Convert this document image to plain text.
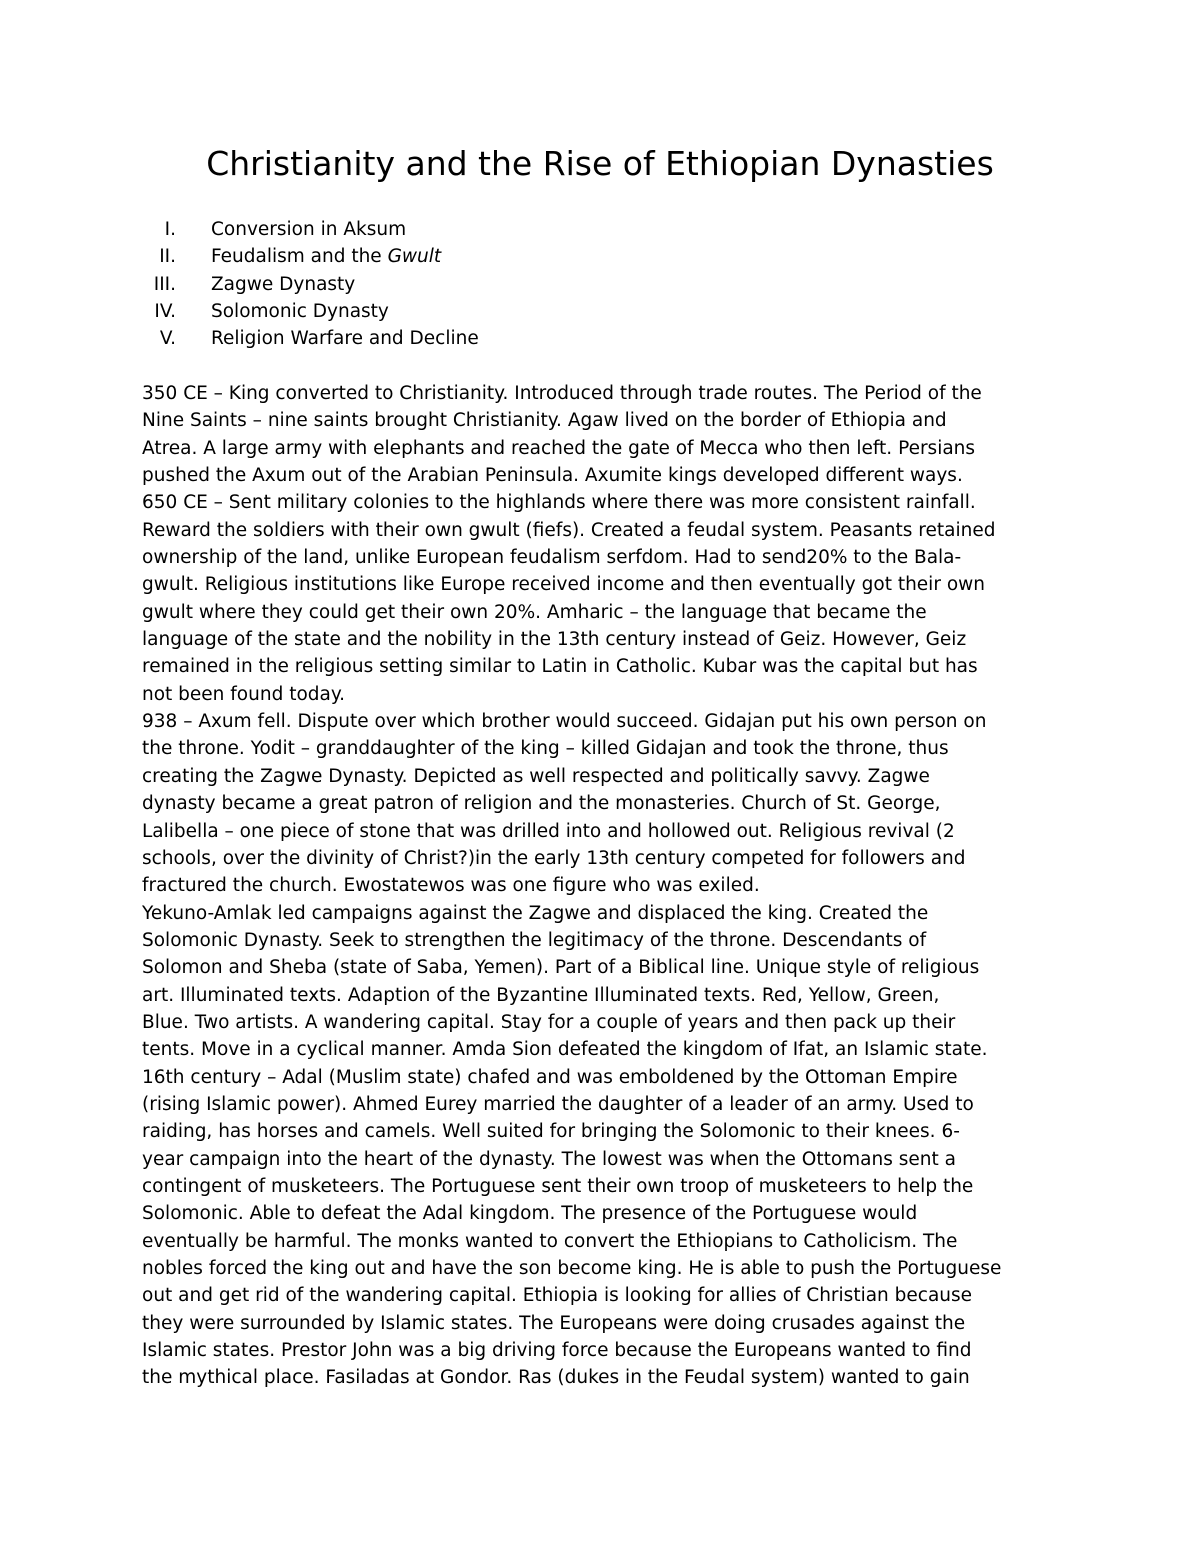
Christianity and the Rise of Ethiopian Dynasties
I. Conversion in Aksum
II. Feudalism and the Gwult
III. Zagwe Dynasty
IV. Solomonic Dynasty
V. Religion Warfare and Decline
350 CE – King converted to Christianity. Introduced through trade routes. The Period of the
Nine Saints – nine saints brought Christianity. Agaw lived on the border of Ethiopia and
Atrea. A large army with elephants and reached the gate of Mecca who then left. Persians
pushed the Axum out of the Arabian Peninsula. Axumite kings developed different ways.
650 CE – Sent military colonies to the highlands where there was more consistent rainfall.
Reward the soldiers with their own gwult (fiefs). Created a feudal system. Peasants retained
ownership of the land, unlike European feudalism serfdom. Had to send20% to the Bala-
gwult. Religious institutions like Europe received income and then eventually got their own
gwult where they could get their own 20%. Amharic – the language that became the
language of the state and the nobility in the 13th century instead of Geiz. However, Geiz
remained in the religious setting similar to Latin in Catholic. Kubar was the capital but has
not been found today.
938 – Axum fell. Dispute over which brother would succeed. Gidajan put his own person on
the throne. Yodit – granddaughter of the king – killed Gidajan and took the throne, thus
creating the Zagwe Dynasty. Depicted as well respected and politically savvy. Zagwe
dynasty became a great patron of religion and the monasteries. Church of St. George,
Lalibella – one piece of stone that was drilled into and hollowed out. Religious revival (2
schools, over the divinity of Christ?)in the early 13th century competed for followers and
fractured the church. Ewostatewos was one figure who was exiled.
Yekuno-Amlak led campaigns against the Zagwe and displaced the king. Created the
Solomonic Dynasty. Seek to strengthen the legitimacy of the throne. Descendants of
Solomon and Sheba (state of Saba, Yemen). Part of a Biblical line. Unique style of religious
art. Illuminated texts. Adaption of the Byzantine Illuminated texts. Red, Yellow, Green,
Blue. Two artists. A wandering capital. Stay for a couple of years and then pack up their
tents. Move in a cyclical manner. Amda Sion defeated the kingdom of Ifat, an Islamic state.
16th century – Adal (Muslim state) chafed and was emboldened by the Ottoman Empire
(rising Islamic power). Ahmed Eurey married the daughter of a leader of an army. Used to
raiding, has horses and camels. Well suited for bringing the Solomonic to their knees. 6-
year campaign into the heart of the dynasty. The lowest was when the Ottomans sent a
contingent of musketeers. The Portuguese sent their own troop of musketeers to help the
Solomonic. Able to defeat the Adal kingdom. The presence of the Portuguese would
eventually be harmful. The monks wanted to convert the Ethiopians to Catholicism. The
nobles forced the king out and have the son become king. He is able to push the Portuguese
out and get rid of the wandering capital. Ethiopia is looking for allies of Christian because
they were surrounded by Islamic states. The Europeans were doing crusades against the
Islamic states. Prestor John was a big driving force because the Europeans wanted to find
the mythical place. Fasiladas at Gondor. Ras (dukes in the Feudal system) wanted to gain
